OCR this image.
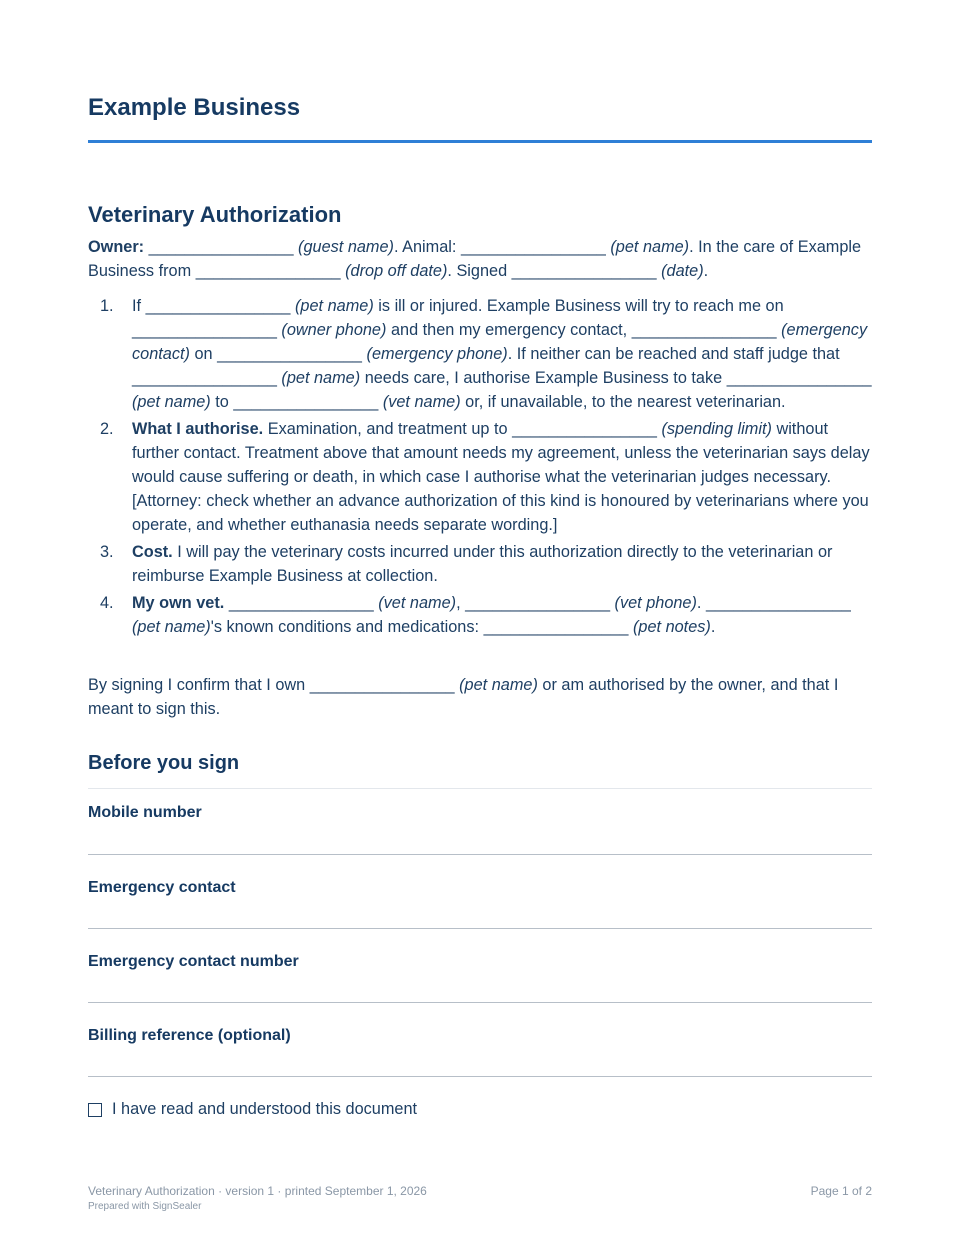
Example Business
Veterinary Authorization

Owner: ________________ (guest name). Animal: ________________ (pet name). In the care of Example Business from ________________ (drop off date). Signed ________________ (date).

1. If ________________ (pet name) is ill or injured. Example Business will try to reach me on ________________ (owner phone) and then my emergency contact, ________________ (emergency contact) on ________________ (emergency phone). If neither can be reached and staff judge that ________________ (pet name) needs care, I authorise Example Business to take ________________ (pet name) to ________________ (vet name) or, if unavailable, to the nearest veterinarian.
2. What I authorise. Examination, and treatment up to ________________ (spending limit) without further contact. Treatment above that amount needs my agreement, unless the veterinarian says delay would cause suffering or death, in which case I authorise what the veterinarian judges necessary. [Attorney: check whether an advance authorization of this kind is honoured by veterinarians where you operate, and whether euthanasia needs separate wording.]
3. Cost. I will pay the veterinary costs incurred under this authorization directly to the veterinarian or reimburse Example Business at collection.
4. My own vet. ________________ (vet name), ________________ (vet phone). ________________ (pet name)'s known conditions and medications: ________________ (pet notes).

By signing I confirm that I own ________________ (pet name) or am authorised by the owner, and that I meant to sign this.

Before you sign
Mobile number
Emergency contact
Emergency contact number
Billing reference (optional)
I have read and understood this document
Veterinary Authorization · version 1 · printed September 1, 2026
Prepared with SignSealer
Page 1 of 2
